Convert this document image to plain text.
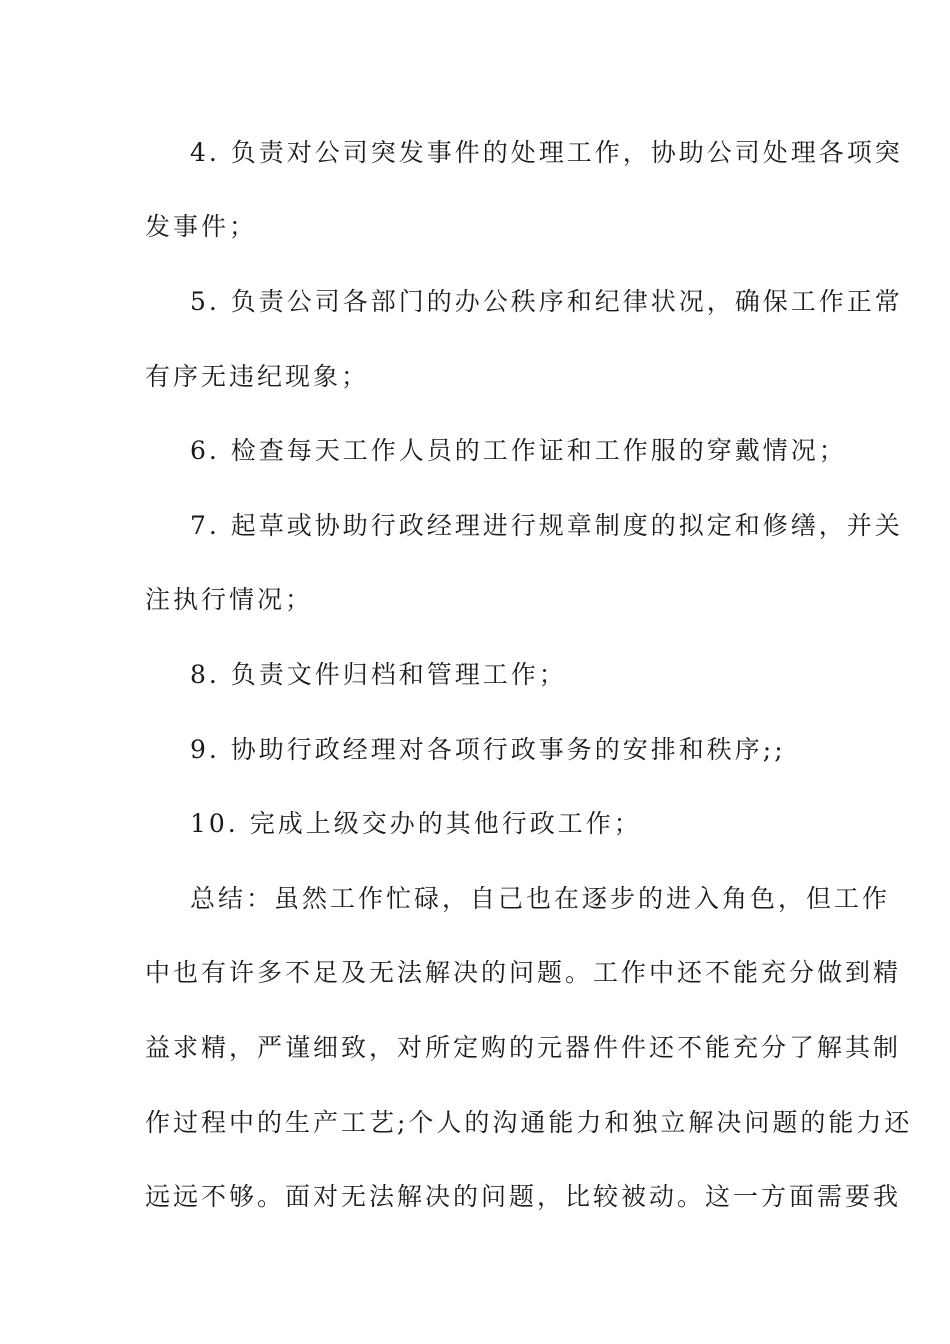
4. 负责对公司突发事件的处理工作，协助公司处理各项突
发事件；
5. 负责公司各部门的办公秩序和纪律状况，确保工作正常
有序无违纪现象；
6. 检查每天工作人员的工作证和工作服的穿戴情况；
7. 起草或协助行政经理进行规章制度的拟定和修缮，并关
注执行情况；
8. 负责文件归档和管理工作；
9. 协助行政经理对各项行政事务的安排和秩序;;
10. 完成上级交办的其他行政工作；
总结：虽然工作忙碌，自己也在逐步的进入角色，但工作
中也有许多不足及无法解决的问题。工作中还不能充分做到精
益求精，严谨细致，对所定购的元器件件还不能充分了解其制
作过程中的生产工艺;个人的沟通能力和独立解决问题的能力还
远远不够。面对无法解决的问题，比较被动。这一方面需要我
